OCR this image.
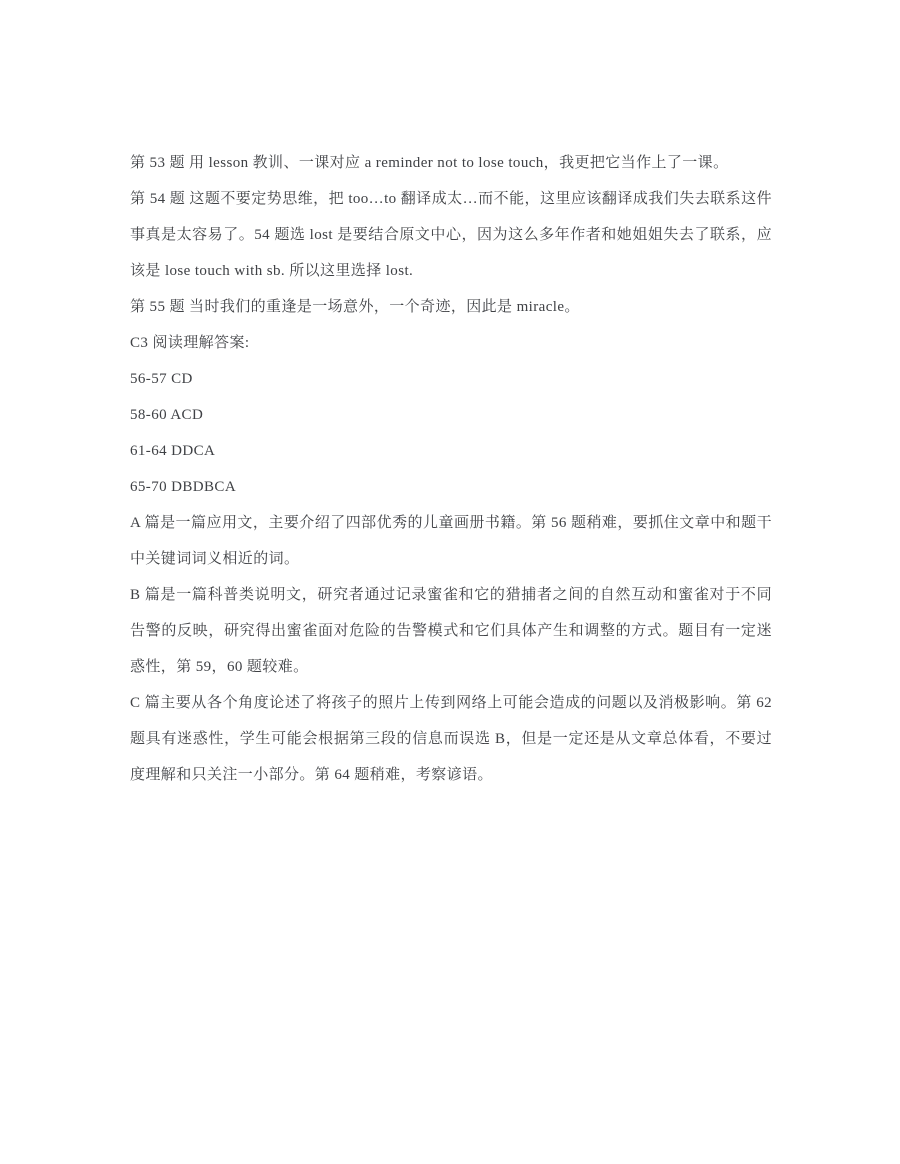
第 53 题 用 lesson 教训、一课对应 a reminder not to lose touch，我更把它当作上了一课。

第 54 题 这题不要定势思维，把 too…to 翻译成太…而不能，这里应该翻译成我们失去联系这件事真是太容易了。54 题选 lost 是要结合原文中心，因为这么多年作者和她姐姐失去了联系，应该是 lose touch with sb. 所以这里选择 lost.

第 55 题 当时我们的重逢是一场意外，一个奇迹，因此是 miracle。

C3 阅读理解答案:

56-57 CD

58-60 ACD

61-64 DDCA

65-70 DBDBCA

A 篇是一篇应用文，主要介绍了四部优秀的儿童画册书籍。第 56 题稍难，要抓住文章中和题干中关键词词义相近的词。

B 篇是一篇科普类说明文，研究者通过记录蜜雀和它的猎捕者之间的自然互动和蜜雀对于不同告警的反映，研究得出蜜雀面对危险的告警模式和它们具体产生和调整的方式。题目有一定迷惑性，第 59，60 题较难。

C 篇主要从各个角度论述了将孩子的照片上传到网络上可能会造成的问题以及消极影响。第 62 题具有迷惑性，学生可能会根据第三段的信息而误选 B，但是一定还是从文章总体看，不要过度理解和只关注一小部分。第 64 题稍难，考察谚语。
